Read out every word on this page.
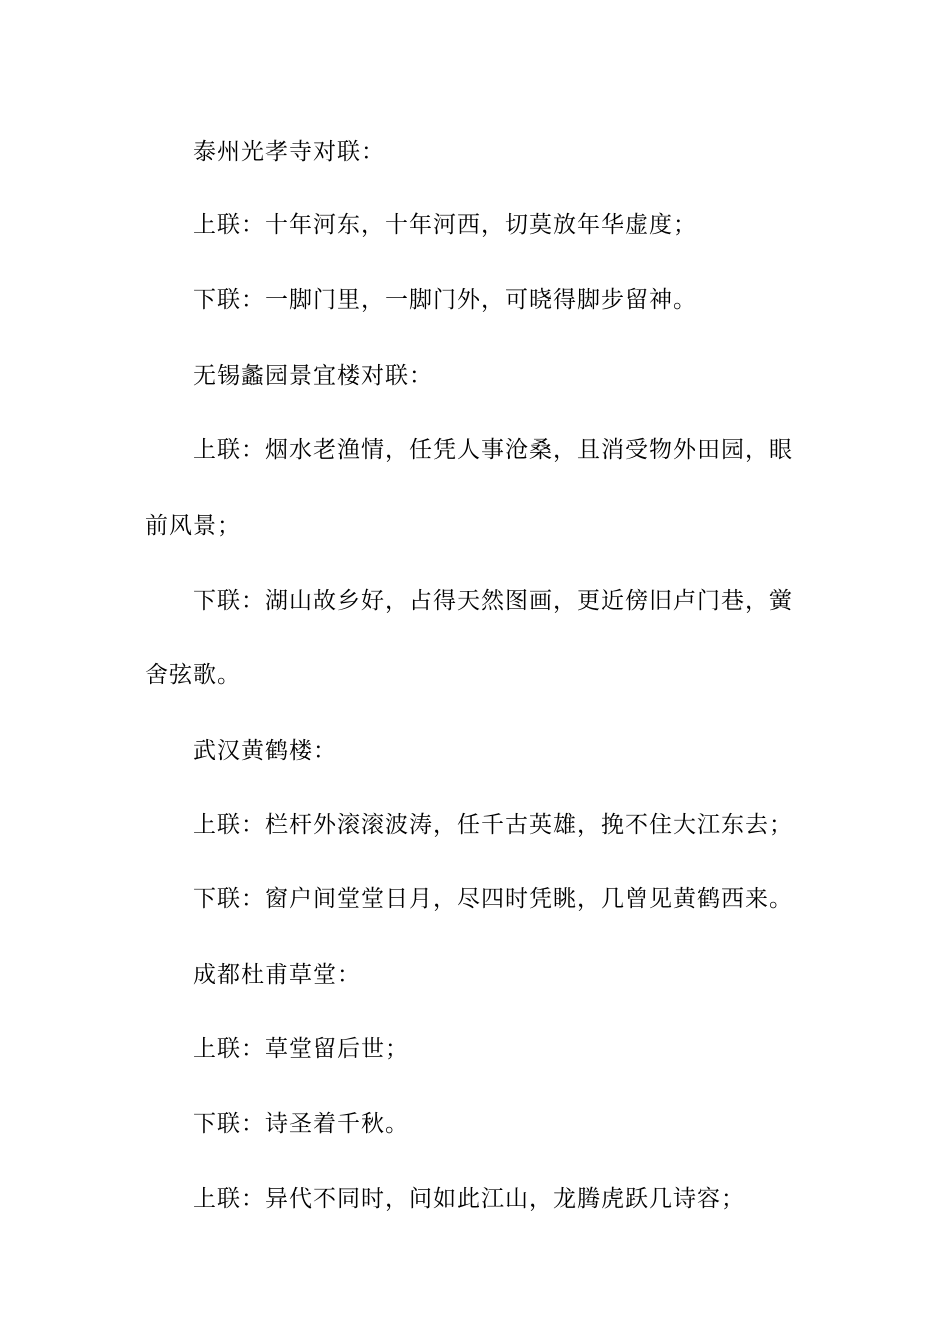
泰州光孝寺对联：
上联：十年河东，十年河西，切莫放年华虚度；
下联：一脚门里，一脚门外，可晓得脚步留神。
无锡蠡园景宜楼对联：
上联：烟水老渔情，任凭人事沧桑，且消受物外田园，眼
前风景；
下联：湖山故乡好，占得天然图画，更近傍旧卢门巷，黉
舍弦歌。
武汉黄鹤楼：
上联：栏杆外滚滚波涛，任千古英雄，挽不住大江东去；
下联：窗户间堂堂日月，尽四时凭眺，几曾见黄鹤西来。
成都杜甫草堂：
上联：草堂留后世；
下联：诗圣着千秋。
上联：异代不同时，问如此江山，龙腾虎跃几诗容；
